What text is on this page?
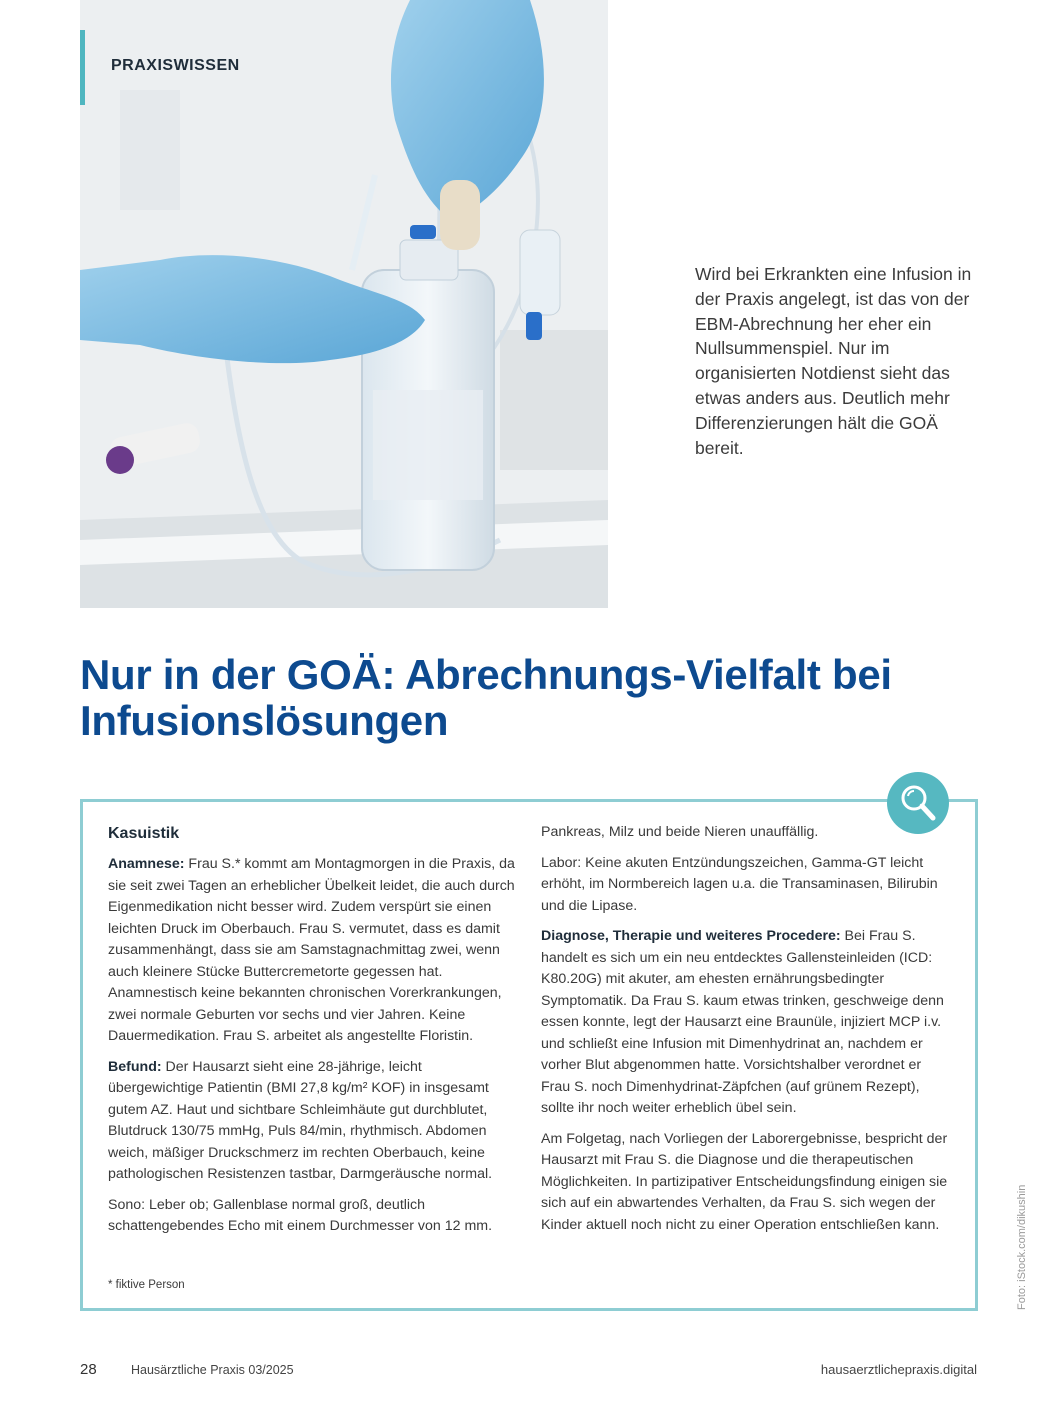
PRAXISWISSEN

Wird bei Erkrankten eine Infusion in der Praxis angelegt, ist das von der EBM-Abrechnung her eher ein Nullsummenspiel. Nur im organisierten Notdienst sieht das etwas anders aus. Deutlich mehr Differenzierungen hält die GOÄ bereit.

Nur in der GOÄ: Abrechnungs-Vielfalt bei Infusionslösungen
Kasuistik

Anamnese: Frau S.* kommt am Montagmorgen in die Praxis, da sie seit zwei Tagen an erheblicher Übelkeit leidet, die auch durch Eigenmedikation nicht besser wird. Zudem verspürt sie einen leichten Druck im Oberbauch. Frau S. vermutet, dass es damit zusammenhängt, dass sie am Samstagnachmittag zwei, wenn auch kleinere Stücke Buttercremetorte gegessen hat. Anamnestisch keine bekannten chronischen Vorerkrankungen, zwei normale Geburten vor sechs und vier Jahren. Keine Dauermedikation. Frau S. arbeitet als angestellte Floristin.

Befund: Der Hausarzt sieht eine 28-jährige, leicht übergewichtige Patientin (BMI 27,8 kg/m² KOF) in insgesamt gutem AZ. Haut und sichtbare Schleimhäute gut durchblutet, Blutdruck 130/75 mmHg, Puls 84/min, rhythmisch. Abdomen weich, mäßiger Druckschmerz im rechten Oberbauch, keine pathologischen Resistenzen tastbar, Darmgeräusche normal.

Sono: Leber ob; Gallenblase normal groß, deutlich schattengebendes Echo mit einem Durchmesser von 12 mm.

* fiktive Person

Pankreas, Milz und beide Nieren unauffällig.

Labor: Keine akuten Entzündungszeichen, Gamma-GT leicht erhöht, im Normbereich lagen u.a. die Transaminasen, Bilirubin und die Lipase.

Diagnose, Therapie und weiteres Procedere: Bei Frau S. handelt es sich um ein neu entdecktes Gallensteinleiden (ICD: K80.20G) mit akuter, am ehesten ernährungsbedingter Symptomatik. Da Frau S. kaum etwas trinken, geschweige denn essen konnte, legt der Hausarzt eine Braunüle, injiziert MCP i.v. und schließt eine Infusion mit Dimenhydrinat an, nachdem er vorher Blut abgenommen hatte. Vorsichtshalber verordnet er Frau S. noch Dimenhydrinat-Zäpfchen (auf grünem Rezept), sollte ihr noch weiter erheblich übel sein.

Am Folgetag, nach Vorliegen der Laborergebnisse, bespricht der Hausarzt mit Frau S. die Diagnose und die therapeutischen Möglichkeiten. In partizipativer Entscheidungsfindung einigen sie sich auf ein abwartendes Verhalten, da Frau S. sich wegen der Kinder aktuell noch nicht zu einer Operation entschließen kann.	Foto: iStock.com/dikushin
28	Hausärztliche Praxis 03/2025	hausaerztlichepraxis.digital
